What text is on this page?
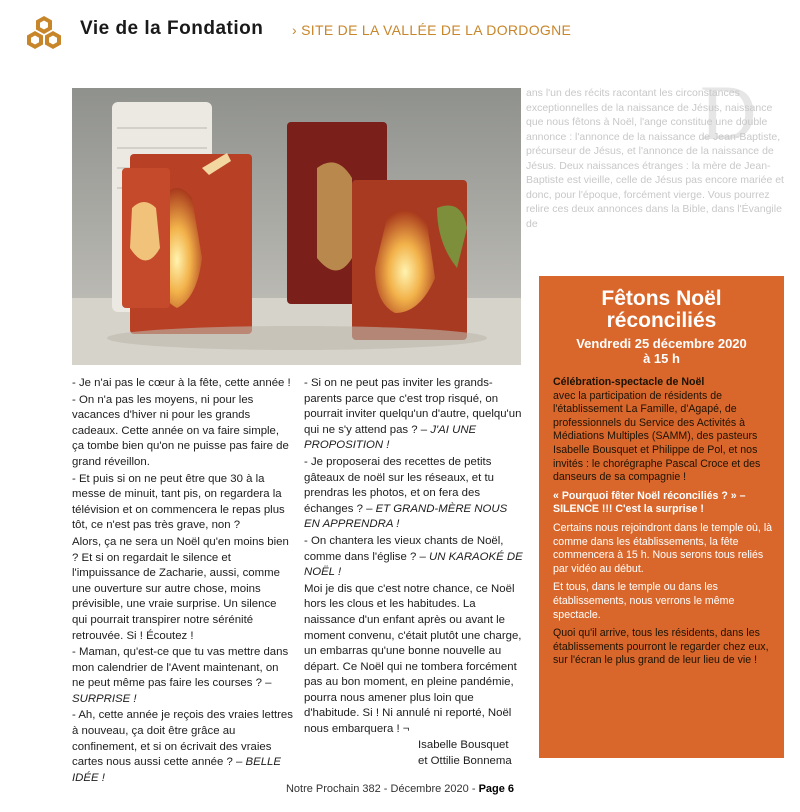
Vie de la Fondation › SITE DE LA VALLÉE DE LA DORDOGNE
D
ans l'un des récits racontant les circonstances exceptionnelles de la naissance de Jésus, naissance que nous fêtons à Noël, l'ange constitue une double annonce : l'annonce de la naissance de Jean-Baptiste, précurseur de Jésus, et l'annonce de la naissance de Jésus. Deux naissances étranges : la mère de Jean-Baptiste est vieille, celle de Jésus pas encore mariée et donc, pour l'époque, forcément vierge. Vous pourrez relire ces deux annonces dans la Bible, dans l'Évangile de

- Je n'ai pas le cœur à la fête, cette année !

- On n'a pas les moyens, ni pour les vacances d'hiver ni pour les grands cadeaux. Cette année on va faire simple, ça tombe bien qu'on ne puisse pas faire de grand réveillon.

- Et puis si on ne peut être que 30 à la messe de minuit, tant pis, on regardera la télévision et on commencera le repas plus tôt, ce n'est pas très grave, non ?

Alors, ça ne sera un Noël qu'en moins bien ? Et si on regardait le silence et l'impuissance de Zacharie, aussi, comme une ouverture sur autre chose, moins prévisible, une vraie surprise. Un silence qui pourrait transpirer notre sérénité retrouvée. Si ! Écoutez !

- Maman, qu'est-ce que tu vas mettre dans mon calendrier de l'Avent maintenant, on ne peut même pas faire les courses ? – SURPRISE !

- Ah, cette année je reçois des vraies lettres à nouveau, ça doit être grâce au confinement, et si on écrivait des vraies cartes nous aussi cette année ? – BELLE IDÉE !

- Si on ne peut pas inviter les grands-parents parce que c'est trop risqué, on pourrait inviter quelqu'un d'autre, quelqu'un qui ne s'y attend pas ? – J'AI UNE PROPOSITION !

- Je proposerai des recettes de petits gâteaux de noël sur les réseaux, et tu prendras les photos, et on fera des échanges ? – ET GRAND-MÈRE NOUS EN APPRENDRA !

- On chantera les vieux chants de Noël, comme dans l'église ? – UN KARAOKÉ DE NOËL !

Moi je dis que c'est notre chance, ce Noël hors les clous et les habitudes. La naissance d'un enfant après ou avant le moment convenu, c'était plutôt une charge, un embarras qu'une bonne nouvelle au départ. Ce Noël qui ne tombera forcément pas au bon moment, en pleine pandémie, pourra nous amener plus loin que d'habitude. Si ! Ni annulé ni reporté, Noël nous embarquera ! ¬

Isabelle Bousquet
et Ottilie Bonnema
Fêtons Noël
réconciliés
Vendredi 25 décembre 2020
à 15 h

Célébration-spectacle de Noël
avec la participation de résidents de l'établissement La Famille, d'Agapé, de professionnels du Service des Activités à Médiations Multiples (SAMM), des pasteurs Isabelle Bousquet et Philippe de Pol, et nos invités : le chorégraphe Pascal Croce et des danseurs de sa compagnie !

« Pourquoi fêter Noël réconciliés ? » – SILENCE !!! C'est la surprise !

Certains nous rejoindront dans le temple où, là comme dans les établissements, la fête commencera à 15 h. Nous serons tous reliés par vidéo au début.

Et tous, dans le temple ou dans les établissements, nous verrons le même spectacle.

Quoi qu'il arrive, tous les résidents, dans les établissements pourront le regarder chez eux, sur l'écran le plus grand de leur lieu de vie !

Notre Prochain 382 - Décembre 2020 - Page 6
